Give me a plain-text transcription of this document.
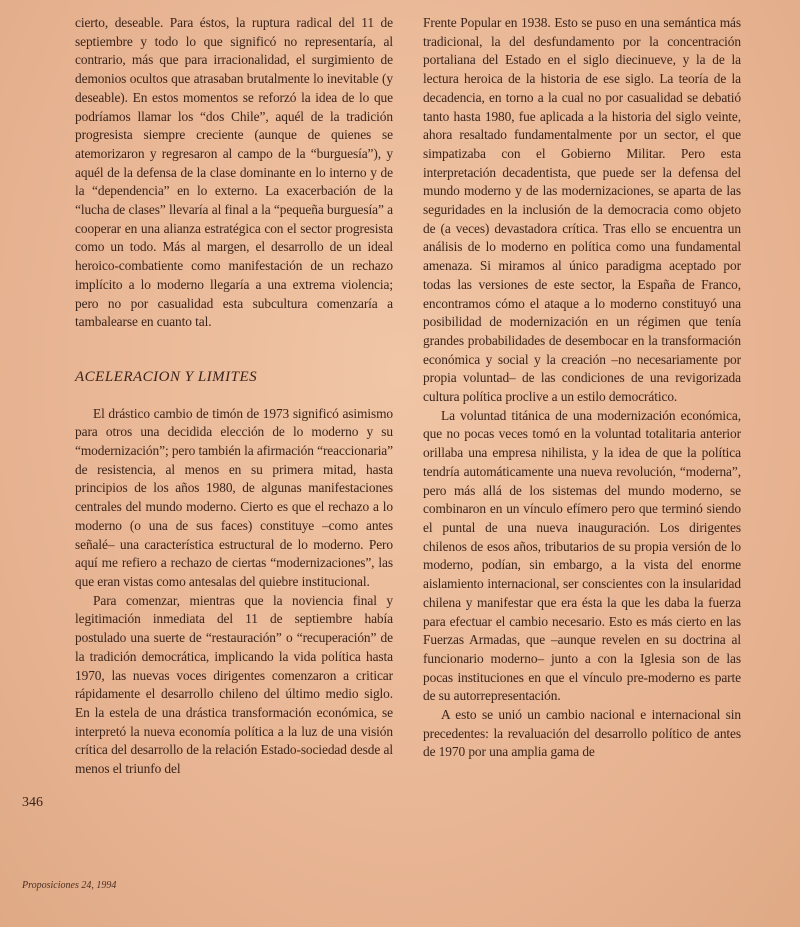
cierto, deseable. Para éstos, la ruptura radical del 11 de septiembre y todo lo que significó no representaría, al contrario, más que para irracionalidad, el surgimiento de demonios ocultos que atrasaban brutalmente lo inevitable (y deseable). En estos momentos se reforzó la idea de lo que podríamos llamar los “dos Chile”, aquél de la tradición progresista siempre creciente (aunque de quienes se atemorizaron y regresaron al campo de la “burguesía”), y aquél de la defensa de la clase dominante en lo interno y de la “dependencia” en lo externo. La exacerbación de la “lucha de clases” llevaría al final a la “pequeña burguesía” a cooperar en una alianza estratégica con el sector progresista como un todo. Más al margen, el desarrollo de un ideal heroico-combatiente como manifestación de un rechazo implícito a lo moderno llegaría a una extrema violencia; pero no por casualidad esta subcultura comenzaría a tambalearse en cuanto tal.

ACELERACION Y LIMITES

El drástico cambio de timón de 1973 significó asimismo para otros una decidida elección de lo moderno y su “modernización”; pero también la afirmación “reaccionaria” de resistencia, al menos en su primera mitad, hasta principios de los años 1980, de algunas manifestaciones centrales del mundo moderno. Cierto es que el rechazo a lo moderno (o una de sus faces) constituye –como antes señalé– una característica estructural de lo moderno. Pero aquí me refiero a rechazo de ciertas “modernizaciones”, las que eran vistas como antesalas del quiebre institucional.

Para comenzar, mientras que la noviencia final y legitimación inmediata del 11 de septiembre había postulado una suerte de “restauración” o “recuperación” de la tradición democrática, implicando la vida política hasta 1970, las nuevas voces dirigentes comenzaron a criticar rápidamente el desarrollo chileno del último medio siglo. En la estela de una drástica transformación económica, se interpretó la nueva economía política a la luz de una visión crítica del desarrollo de la relación Estado-sociedad desde al menos el triunfo del

Frente Popular en 1938. Esto se puso en una semántica más tradicional, la del desfundamento por la concentración portaliana del Estado en el siglo diecinueve, y la de la lectura heroica de la historia de ese siglo. La teoría de la decadencia, en torno a la cual no por casualidad se debatió tanto hasta 1980, fue aplicada a la historia del siglo veinte, ahora resaltado fundamentalmente por un sector, el que simpatizaba con el Gobierno Militar. Pero esta interpretación decadentista, que puede ser la defensa del mundo moderno y de las modernizaciones, se aparta de las seguridades en la inclusión de la democracia como objeto de (a veces) devastadora crítica. Tras ello se encuentra un análisis de lo moderno en política como una fundamental amenaza. Si miramos al único paradigma aceptado por todas las versiones de este sector, la España de Franco, encontramos cómo el ataque a lo moderno constituyó una posibilidad de modernización en un régimen que tenía grandes probabilidades de desembocar en la transformación económica y social y la creación –no necesariamente por propia voluntad– de las condiciones de una revigorizada cultura política proclive a un estilo democrático.

La voluntad titánica de una modernización económica, que no pocas veces tomó en la voluntad totalitaria anterior orillaba una empresa nihilista, y la idea de que la política tendría automáticamente una nueva revolución, “moderna”, pero más allá de los sistemas del mundo moderno, se combinaron en un vínculo efímero pero que terminó siendo el puntal de una nueva inauguración. Los dirigentes chilenos de esos años, tributarios de su propia versión de lo moderno, podían, sin embargo, a la vista del enorme aislamiento internacional, ser conscientes con la insularidad chilena y manifestar que era ésta la que les daba la fuerza para efectuar el cambio necesario. Esto es más cierto en las Fuerzas Armadas, que –aunque revelen en su doctrina al funcionario moderno– junto a con la Iglesia son de las pocas instituciones en que el vínculo pre-moderno es parte de su autorrepresentación.

A esto se unió un cambio nacional e internacional sin precedentes: la revaluación del desarrollo político de antes de 1970 por una amplia gama de

346
Proposiciones 24, 1994
